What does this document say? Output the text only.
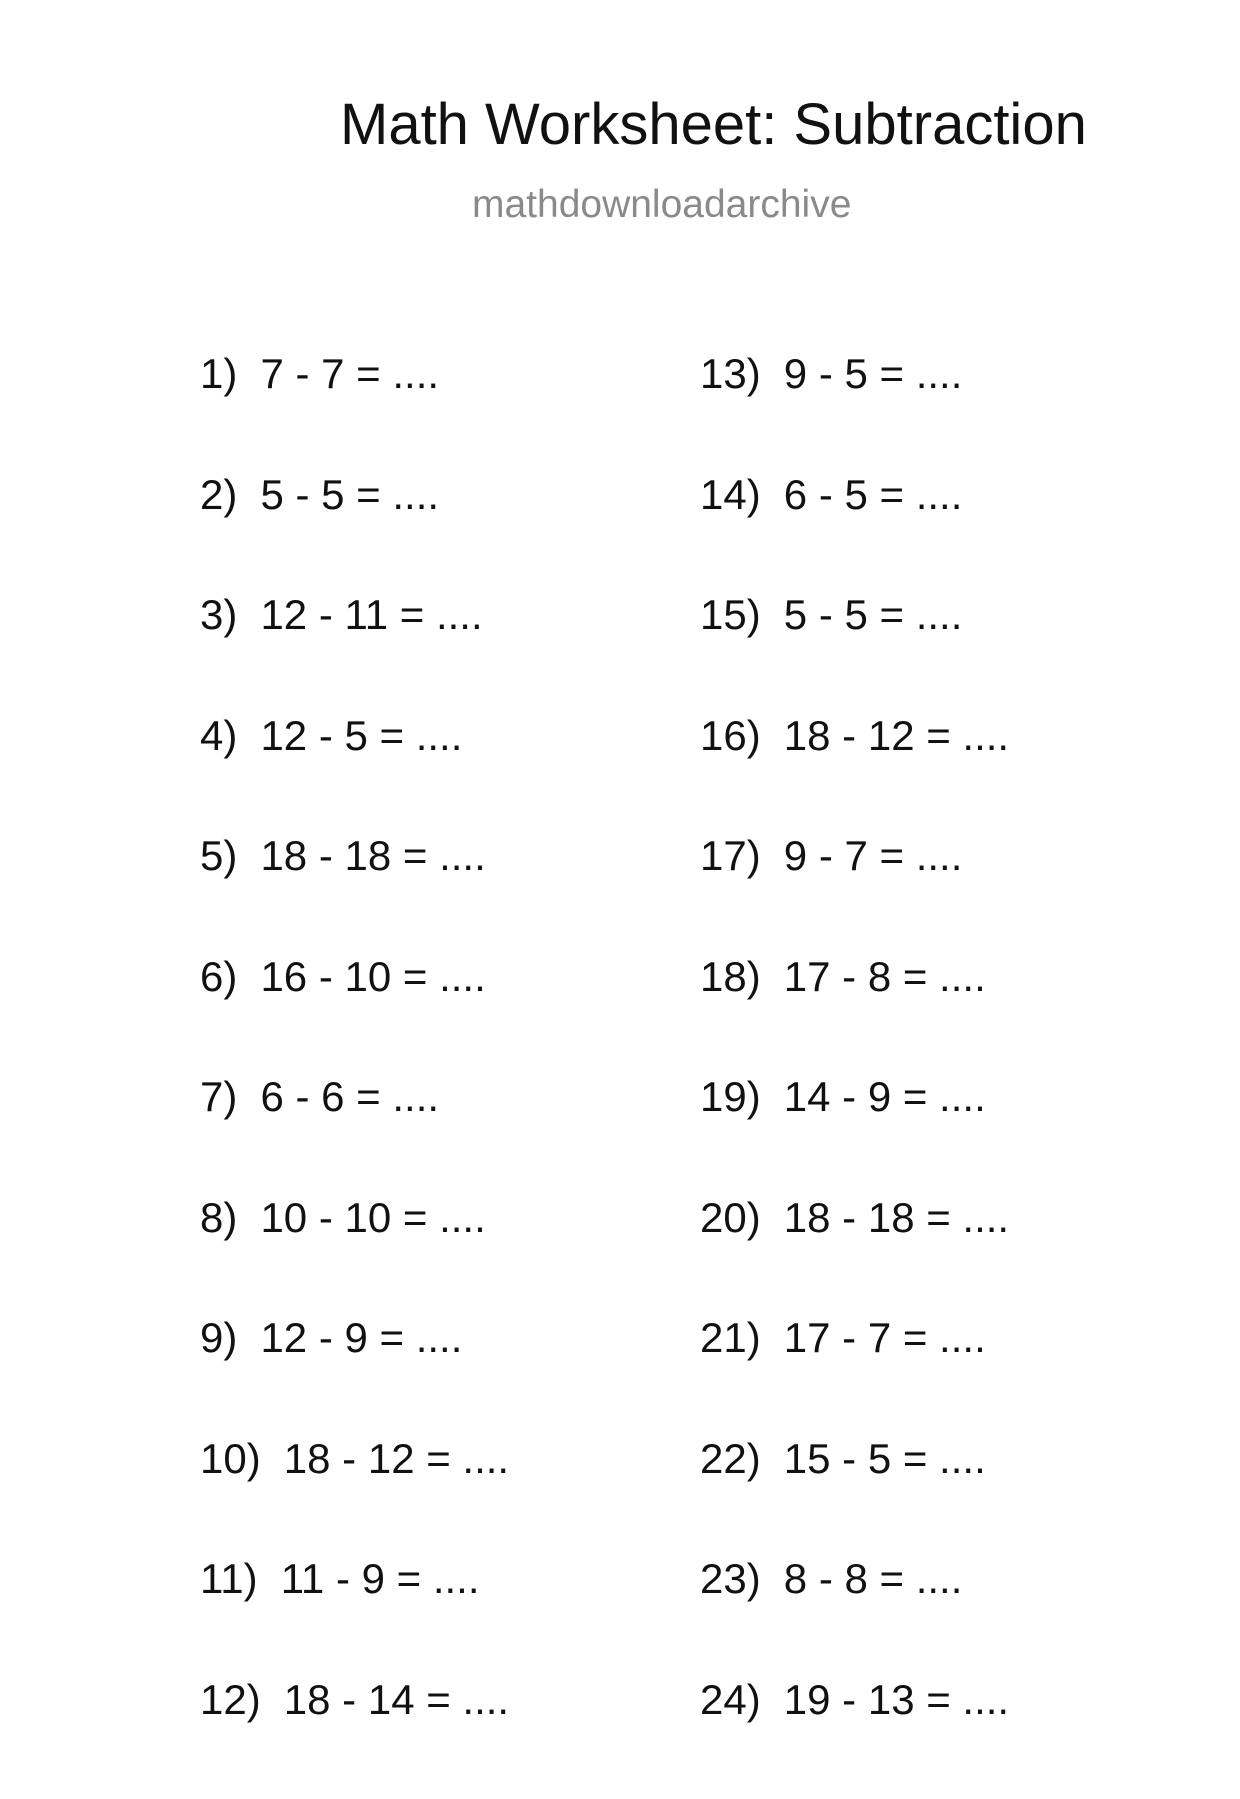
Math Worksheet: Subtraction
mathdownloadarchive
1) 7 - 7 = ....
2) 5 - 5 = ....
3) 12 - 11 = ....
4) 12 - 5 = ....
5) 18 - 18 = ....
6) 16 - 10 = ....
7) 6 - 6 = ....
8) 10 - 10 = ....
9) 12 - 9 = ....
10) 18 - 12 = ....
11) 11 - 9 = ....
12) 18 - 14 = ....
13) 9 - 5 = ....
14) 6 - 5 = ....
15) 5 - 5 = ....
16) 18 - 12 = ....
17) 9 - 7 = ....
18) 17 - 8 = ....
19) 14 - 9 = ....
20) 18 - 18 = ....
21) 17 - 7 = ....
22) 15 - 5 = ....
23) 8 - 8 = ....
24) 19 - 13 = ....
